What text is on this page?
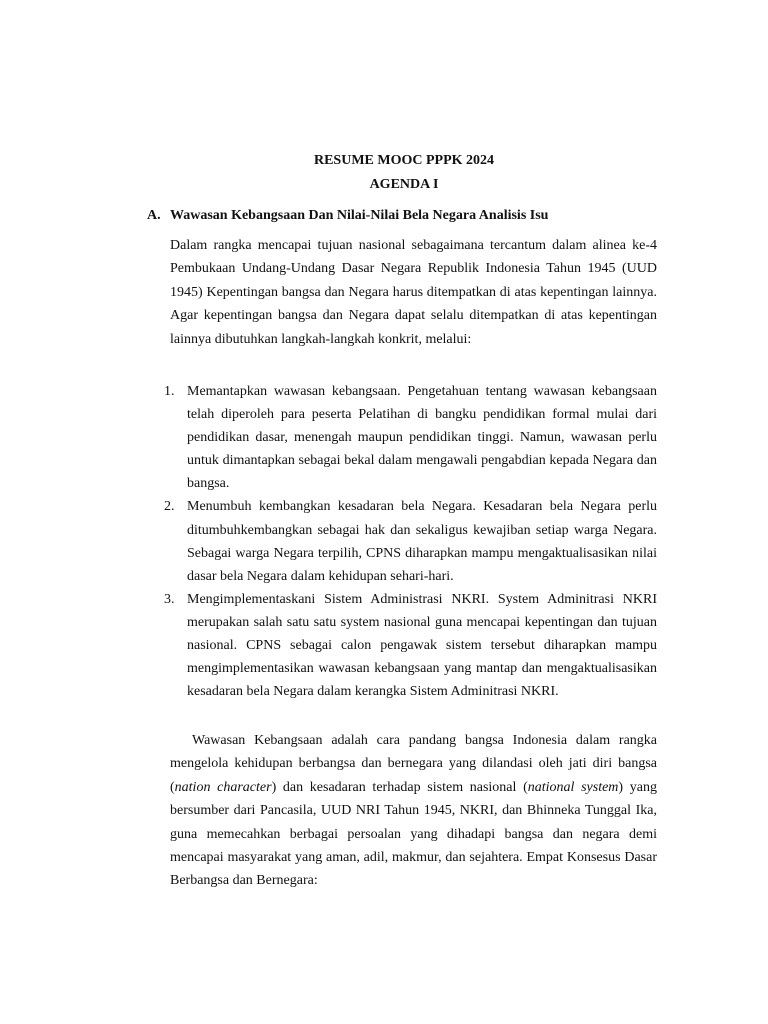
RESUME MOOC PPPK 2024

AGENDA I

A. Wawasan Kebangsaan Dan Nilai-Nilai Bela Negara Analisis Isu

Dalam rangka mencapai tujuan nasional sebagaimana tercantum dalam alinea ke-4 Pembukaan Undang-Undang Dasar Negara Republik Indonesia Tahun 1945 (UUD 1945) Kepentingan bangsa dan Negara harus ditempatkan di atas kepentingan lainnya. Agar kepentingan bangsa dan Negara dapat selalu ditempatkan di atas kepentingan lainnya dibutuhkan langkah-langkah konkrit, melalui:

1. Memantapkan wawasan kebangsaan. Pengetahuan tentang wawasan kebangsaan telah diperoleh para peserta Pelatihan di bangku pendidikan formal mulai dari pendidikan dasar, menengah maupun pendidikan tinggi. Namun, wawasan perlu untuk dimantapkan sebagai bekal dalam mengawali pengabdian kepada Negara dan bangsa.
2. Menumbuh kembangkan kesadaran bela Negara. Kesadaran bela Negara perlu ditumbuhkembangkan sebagai hak dan sekaligus kewajiban setiap warga Negara. Sebagai warga Negara terpilih, CPNS diharapkan mampu mengaktualisasikan nilai dasar bela Negara dalam kehidupan sehari-hari.
3. Mengimplementaskani Sistem Administrasi NKRI. System Adminitrasi NKRI merupakan salah satu satu system nasional guna mencapai kepentingan dan tujuan nasional. CPNS sebagai calon pengawak sistem tersebut diharapkan mampu mengimplementasikan wawasan kebangsaan yang mantap dan mengaktualisasikan kesadaran bela Negara dalam kerangka Sistem Adminitrasi NKRI.

Wawasan Kebangsaan adalah cara pandang bangsa Indonesia dalam rangka mengelola kehidupan berbangsa dan bernegara yang dilandasi oleh jati diri bangsa (nation character) dan kesadaran terhadap sistem nasional (national system) yang bersumber dari Pancasila, UUD NRI Tahun 1945, NKRI, dan Bhinneka Tunggal Ika, guna memecahkan berbagai persoalan yang dihadapi bangsa dan negara demi mencapai masyarakat yang aman, adil, makmur, dan sejahtera. Empat Konsesus Dasar Berbangsa dan Bernegara:
